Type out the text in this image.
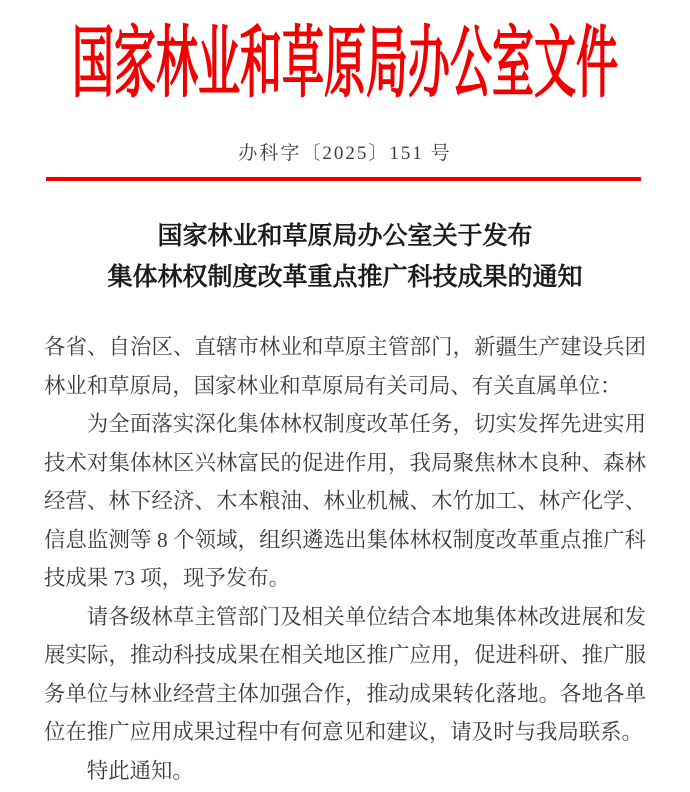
国家林业和草原局办公室文件
办科字〔2025〕151 号
国家林业和草原局办公室关于发布
集体林权制度改革重点推广科技成果的通知

各省、自治区、直辖市林业和草原主管部门，新疆生产建设兵团林业和草原局，国家林业和草原局有关司局、有关直属单位：

为全面落实深化集体林权制度改革任务，切实发挥先进实用技术对集体林区兴林富民的促进作用，我局聚焦林木良种、森林经营、林下经济、木本粮油、林业机械、木竹加工、林产化学、信息监测等 8 个领域，组织遴选出集体林权制度改革重点推广科技成果 73 项，现予发布。

请各级林草主管部门及相关单位结合本地集体林改进展和发展实际，推动科技成果在相关地区推广应用，促进科研、推广服务单位与林业经营主体加强合作，推动成果转化落地。各地各单位在推广应用成果过程中有何意见和建议，请及时与我局联系。

特此通知。
